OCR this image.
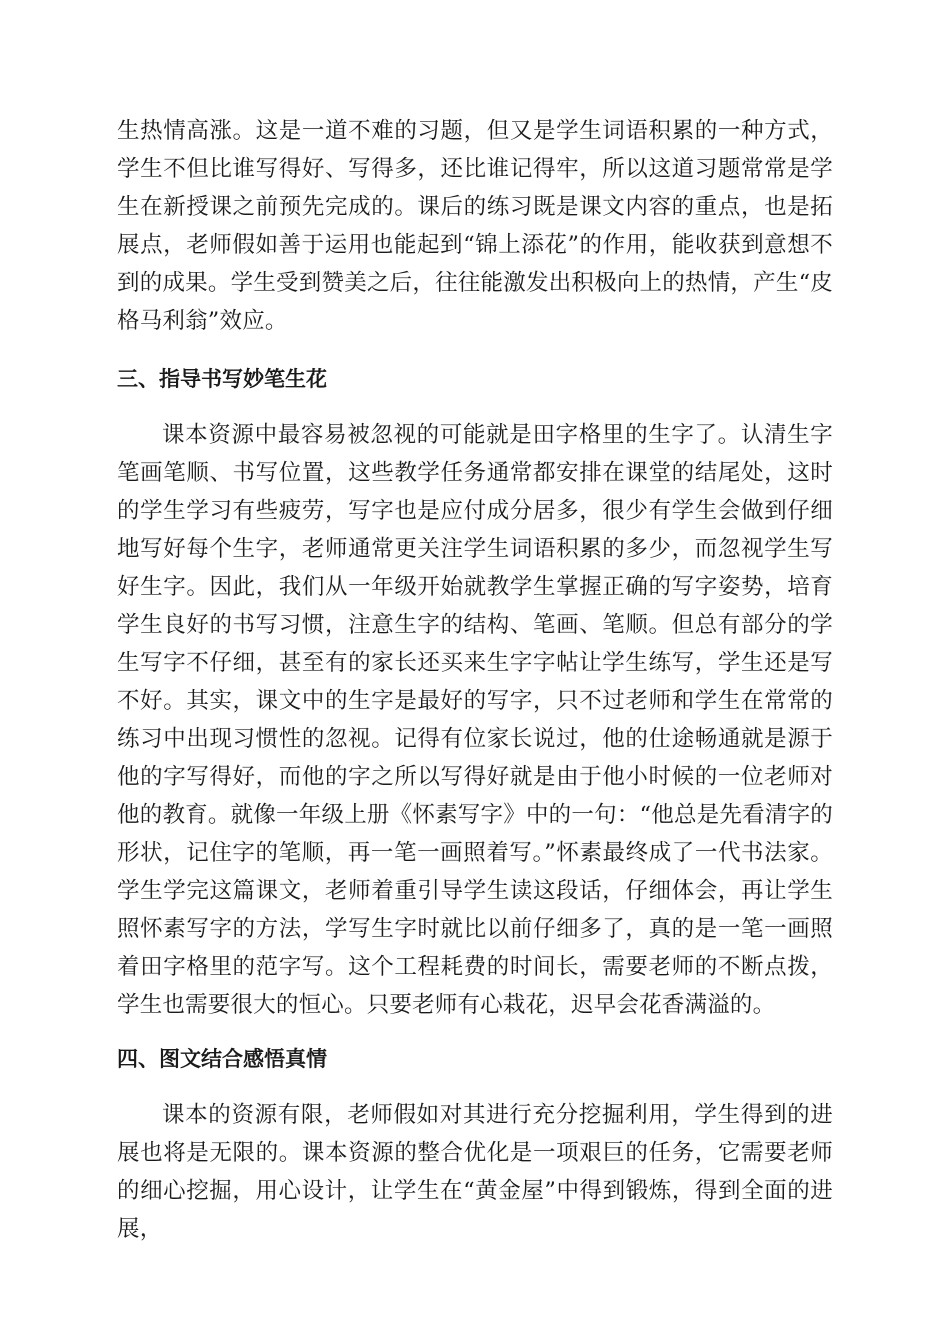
生热情高涨。这是一道不难的习题，但又是学生词语积累的一种方式，学生不但比谁写得好、写得多，还比谁记得牢，所以这道习题常常是学生在新授课之前预先完成的。课后的练习既是课文内容的重点，也是拓展点，老师假如善于运用也能起到“锦上添花”的作用，能收获到意想不到的成果。学生受到赞美之后，往往能激发出积极向上的热情，产生“皮格马利翁”效应。

三、指导书写妙笔生花

课本资源中最容易被忽视的可能就是田字格里的生字了。认清生字笔画笔顺、书写位置，这些教学任务通常都安排在课堂的结尾处，这时的学生学习有些疲劳，写字也是应付成分居多，很少有学生会做到仔细地写好每个生字，老师通常更关注学生词语积累的多少，而忽视学生写好生字。因此，我们从一年级开始就教学生掌握正确的写字姿势，培育学生良好的书写习惯，注意生字的结构、笔画、笔顺。但总有部分的学生写字不仔细，甚至有的家长还买来生字字帖让学生练写，学生还是写不好。其实，课文中的生字是最好的写字，只不过老师和学生在常常的练习中出现习惯性的忽视。记得有位家长说过，他的仕途畅通就是源于他的字写得好，而他的字之所以写得好就是由于他小时候的一位老师对他的教育。就像一年级上册《怀素写字》中的一句：“他总是先看清字的形状，记住字的笔顺，再一笔一画照着写。”怀素最终成了一代书法家。学生学完这篇课文，老师着重引导学生读这段话，仔细体会，再让学生照怀素写字的方法，学写生字时就比以前仔细多了，真的是一笔一画照着田字格里的范字写。这个工程耗费的时间长，需要老师的不断点拨，学生也需要很大的恒心。只要老师有心栽花，迟早会花香满溢的。

四、图文结合感悟真情

课本的资源有限，老师假如对其进行充分挖掘利用，学生得到的进展也将是无限的。课本资源的整合优化是一项艰巨的任务，它需要老师的细心挖掘，用心设计，让学生在“黄金屋”中得到锻炼，得到全面的进展，
